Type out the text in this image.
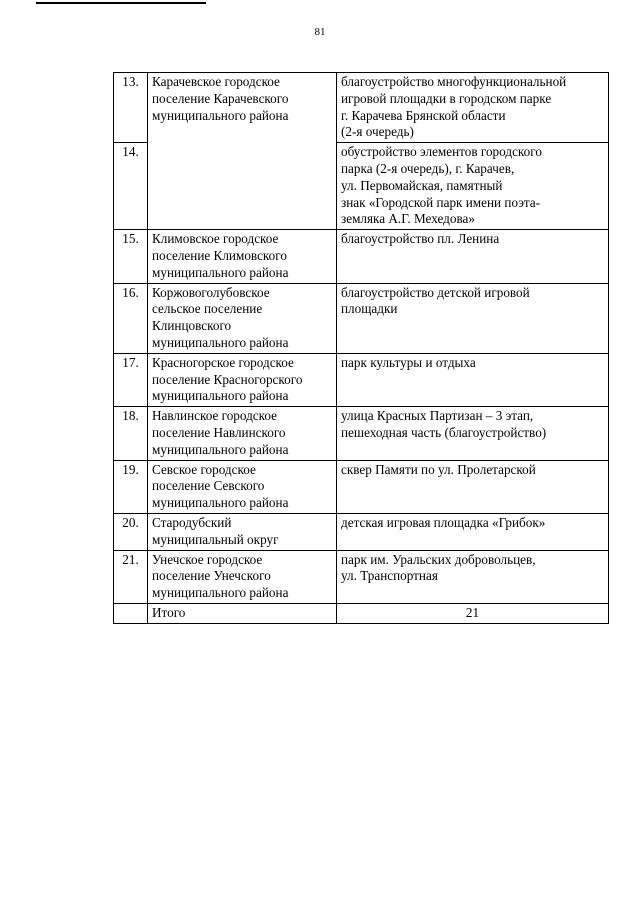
81
13.	Карачевское городское
поселение Карачевского
муниципального района	благоустройство многофункциональной
игровой площадки в городском парке
г. Карачева Брянской области
(2-я очередь)
14.		обустройство элементов городского
парка (2-я очередь), г. Карачев,
ул. Первомайская, памятный
знак «Городской парк имени поэта-
земляка А.Г. Мехедова»
15.	Климовское городское
поселение Климовского
муниципального района	благоустройство пл. Ленина
16.	Коржовоголубовское
сельское поселение
Клинцовского
муниципального района	благоустройство детской игровой
площадки
17.	Красногорское городское
поселение Красногорского
муниципального района	парк культуры и отдыха
18.	Навлинское городское
поселение Навлинского
муниципального района	улица Красных Партизан – 3 этап,
пешеходная часть (благоустройство)
19.	Севское городское
поселение Севского
муниципального района	сквер Памяти по ул. Пролетарской
20.	Стародубский
муниципальный округ	детская игровая площадка «Грибок»
21.	Унечское городское
поселение Унечского
муниципального района	парк им. Уральских добровольцев,
ул. Транспортная
	Итого	21
